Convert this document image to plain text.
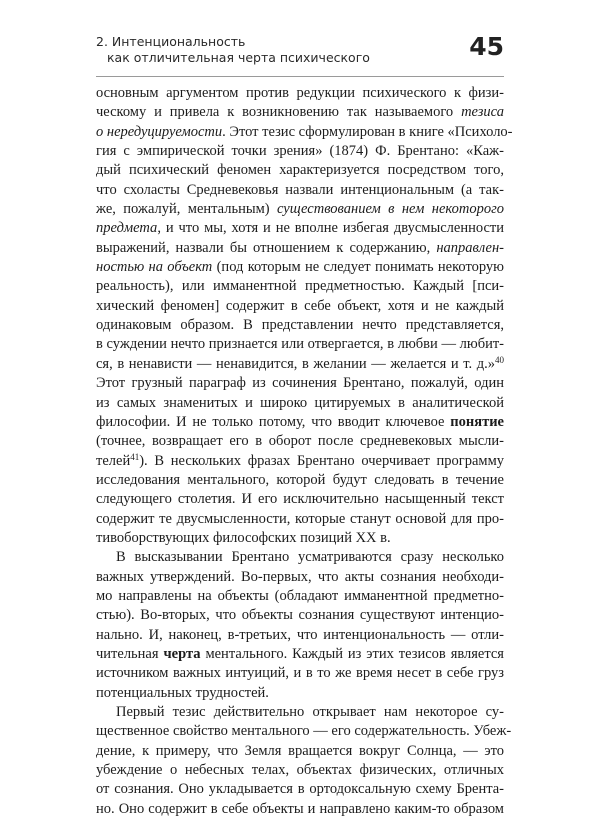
2. Интенциональность
как отличительная черта психического	45
основным аргументом против редукции психического к физи-
ческому и привела к возникновению так называемого тезиса
о нередуцируемости. Этот тезис сформулирован в книге «Психоло-
гия с эмпирической точки зрения» (1874) Ф. Брентано: «Каж-
дый психический феномен характеризуется посредством того,
что схоласты Средневековья назвали интенциональным (а так-
же, пожалуй, ментальным) существованием в нем некоторого
предмета, и что мы, хотя и не вполне избегая двусмысленности
выражений, назвали бы отношением к содержанию, направлен-
ностью на объект (под которым не следует понимать некоторую
реальность), или имманентной предметностью. Каждый [пси-
хический феномен] содержит в себе объект, хотя и не каждый
одинаковым образом. В представлении нечто представляется,
в суждении нечто признается или отвергается, в любви — любит-
ся, в ненависти — ненавидится, в желании — желается и т. д.»$^{40}$
Этот грузный параграф из сочинения Брентано, пожалуй, один
из самых знаменитых и широко цитируемых в аналитической
философии. И не только потому, что вводит ключевое понятие
(точнее, возвращает его в оборот после средневековых мысли-
телей$^{41}$). В нескольких фразах Брентано очерчивает программу
исследования ментального, которой будут следовать в течение
следующего столетия. И его исключительно насыщенный текст
содержит те двусмысленности, которые станут основой для про-
тивоборствующих философских позиций XX в.
В высказывании Брентано усматриваются сразу несколько
важных утверждений. Во-первых, что акты сознания необходи-
мо направлены на объекты (обладают имманентной предметно-
стью). Во-вторых, что объекты сознания существуют интенцио-
нально. И, наконец, в-третьих, что интенциональность — отли-
чительная черта ментального. Каждый из этих тезисов является
источником важных интуиций, и в то же время несет в себе груз
потенциальных трудностей.
Первый тезис действительно открывает нам некоторое су-
щественное свойство ментального — его содержательность. Убеж-
дение, к примеру, что Земля вращается вокруг Солнца, — это
убеждение о небесных телах, объектах физических, отличных
от сознания. Оно укладывается в ортодоксальную схему Брента-
но. Оно содержит в себе объекты и направлено каким-то образом
